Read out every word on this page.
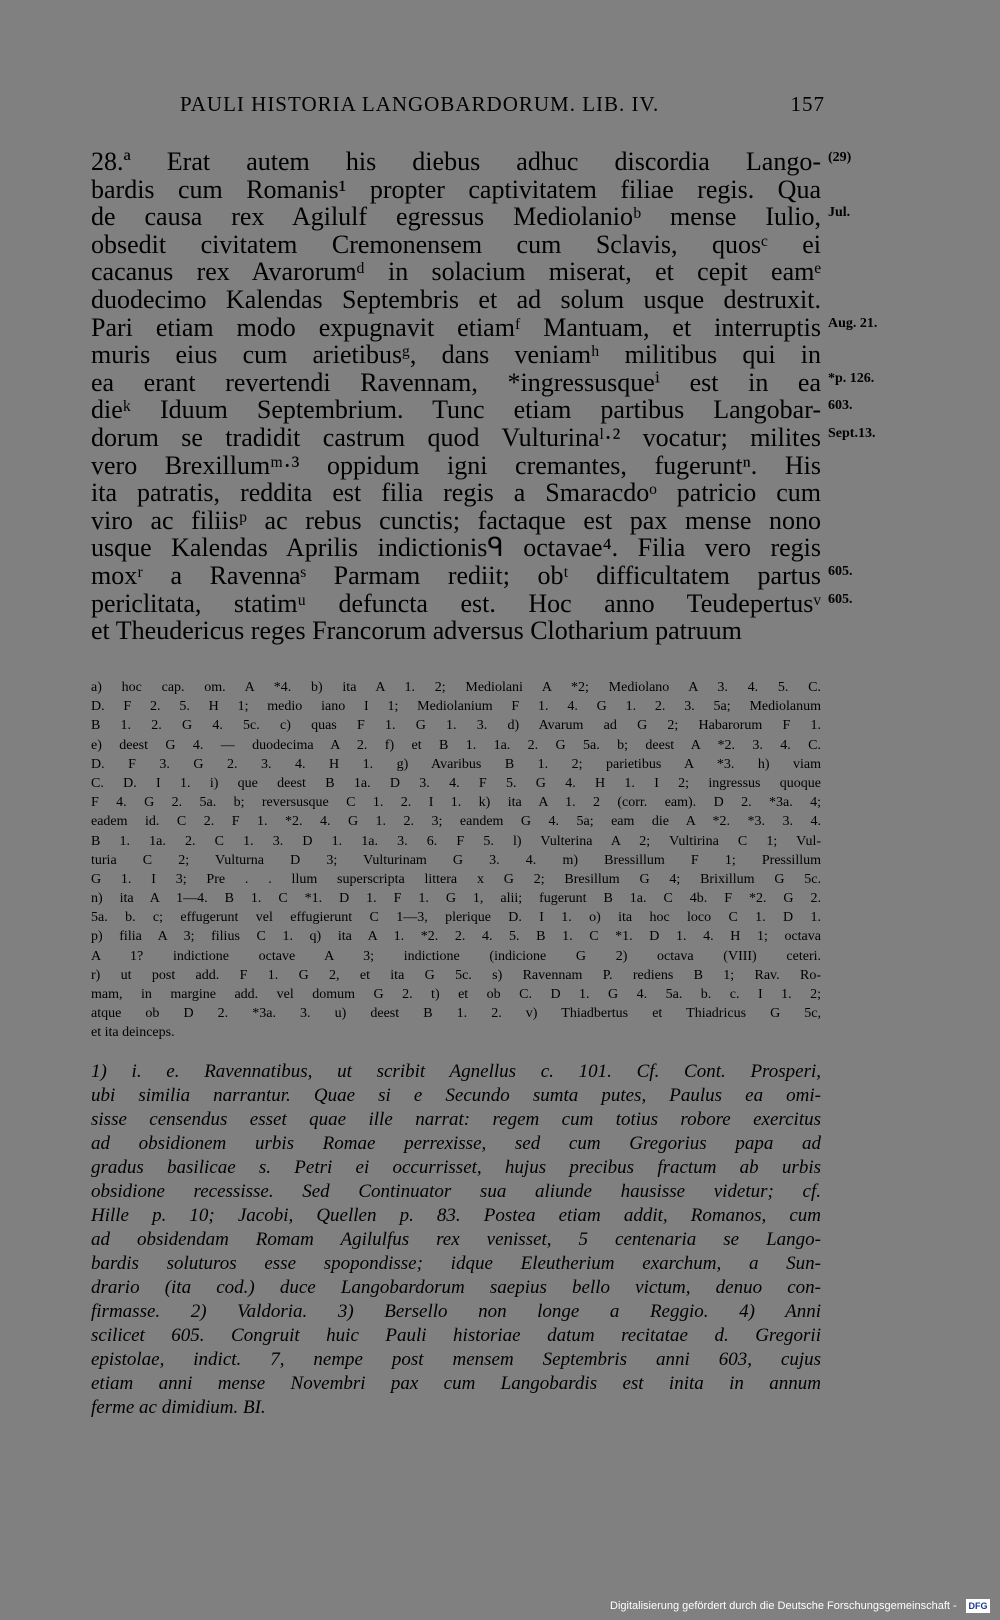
PAULI HISTORIA LANGOBARDORUM. LIB. IV.	157
28.ª Erat autem his diebus adhuc discordia Lango-
bardis cum Romanis¹ propter captivitatem filiae regis. Qua
de causa rex Agilulf egressus Mediolanioᵇ mense Iulio,
obsedit civitatem Cremonensem cum Sclavis, quosᶜ ei
cacanus rex Avarorumᵈ in solacium miserat, et cepit eamᵉ
duodecimo Kalendas Septembris et ad solum usque destruxit.
Pari etiam modo expugnavit etiamᶠ Mantuam, et interruptis
muris eius cum arietibusᵍ, dans veniamʰ militibus qui in
ea erant revertendi Ravennam, *ingressusqueⁱ est in ea
dieᵏ Iduum Septembrium. Tunc etiam partibus Langobar-
dorum se tradidit castrum quod Vulturinaˡ·² vocatur; milites
vero Brexillumᵐ·³ oppidum igni cremantes, fugeruntⁿ. His
ita patratis, reddita est filia regis a Smaracdoᵒ patricio cum
viro ac filiisᵖ ac rebus cunctis; factaque est pax mense nono
usque Kalendas Aprilis indictionisᑫ octavae⁴. Filia vero regis
moxʳ a Ravennaˢ Parmam rediit; obᵗ difficultatem partus
periclitata, statimᵘ defuncta est. Hoc anno Teudepertusᵛ
et Theudericus reges Francorum adversus Clotharium patruum
(29)
Jul.
Aug. 21.
*p. 126.
603.
Sept.13.
605.
605.
a) hoc cap. om. A *4. b) ita A 1. 2; Mediolani A *2; Mediolano A 3. 4. 5. C.
D. F 2. 5. H 1; medio iano I 1; Mediolanium F 1. 4. G 1. 2. 3. 5a; Mediolanum
B 1. 2. G 4. 5c. c) quas F 1. G 1. 3. d) Avarum ad G 2; Habarorum F 1.
e) deest G 4. — duodecima A 2. f) et B 1. 1a. 2. G 5a. b; deest A *2. 3. 4. C.
D. F 3. G 2. 3. 4. H 1. g) Avaribus B 1. 2; parietibus A *3. h) viam
C. D. I 1. i) que deest B 1a. D 3. 4. F 5. G 4. H 1. I 2; ingressus quoque
F 4. G 2. 5a. b; reversusque C 1. 2. I 1. k) ita A 1. 2 (corr. eam). D 2. *3a. 4;
eadem id. C 2. F 1. *2. 4. G 1. 2. 3; eandem G 4. 5a; eam die A *2. *3. 3. 4.
B 1. 1a. 2. C 1. 3. D 1. 1a. 3. 6. F 5. l) Vulterina A 2; Vultirina C 1; Vul-
turia C 2; Vulturna D 3; Vulturinam G 3. 4. m) Bressillum F 1; Pressillum
G 1. I 3; Pre . . llum superscripta littera x G 2; Bresillum G 4; Brixillum G 5c.
n) ita A 1—4. B 1. C *1. D 1. F 1. G 1, alii; fugerunt B 1a. C 4b. F *2. G 2.
5a. b. c; effugerunt vel effugierunt C 1—3, plerique D. I 1. o) ita hoc loco C 1. D 1.
p) filia A 3; filius C 1. q) ita A 1. *2. 2. 4. 5. B 1. C *1. D 1. 4. H 1; octava
A 1? indictione octave A 3; indictione (indicione G 2) octava (VIII) ceteri.
r) ut post add. F 1. G 2, et ita G 5c. s) Ravennam P. rediens B 1; Rav. Ro-
mam, in margine add. vel domum G 2. t) et ob C. D 1. G 4. 5a. b. c. I 1. 2;
atque ob D 2. *3a. 3. u) deest B 1. 2. v) Thiadbertus et Thiadricus G 5c,
et ita deinceps.
1) i. e. Ravennatibus, ut scribit Agnellus c. 101. Cf. Cont. Prosperi,
ubi similia narrantur. Quae si e Secundo sumta putes, Paulus ea omi-
sisse censendus esset quae ille narrat: regem cum totius robore exercitus
ad obsidionem urbis Romae perrexisse, sed cum Gregorius papa ad
gradus basilicae s. Petri ei occurrisset, hujus precibus fractum ab urbis
obsidione recessisse. Sed Continuator sua aliunde hausisse videtur; cf.
Hille p. 10; Jacobi, Quellen p. 83. Postea etiam addit, Romanos, cum
ad obsidendam Romam Agilulfus rex venisset, 5 centenaria se Lango-
bardis soluturos esse spopondisse; idque Eleutherium exarchum, a Sun-
drario (ita cod.) duce Langobardorum saepius bello victum, denuo con-
firmasse. 2) Valdoria. 3) Bersello non longe a Reggio. 4) Anni
scilicet 605. Congruit huic Pauli historiae datum recitatae d. Gregorii
epistolae, indict. 7, nempe post mensem Septembris anni 603, cujus
etiam anni mense Novembri pax cum Langobardis est inita in annum
ferme ac dimidium. BI.
Digitalisierung gefördert durch die Deutsche Forschungsgemeinschaft - DFG
